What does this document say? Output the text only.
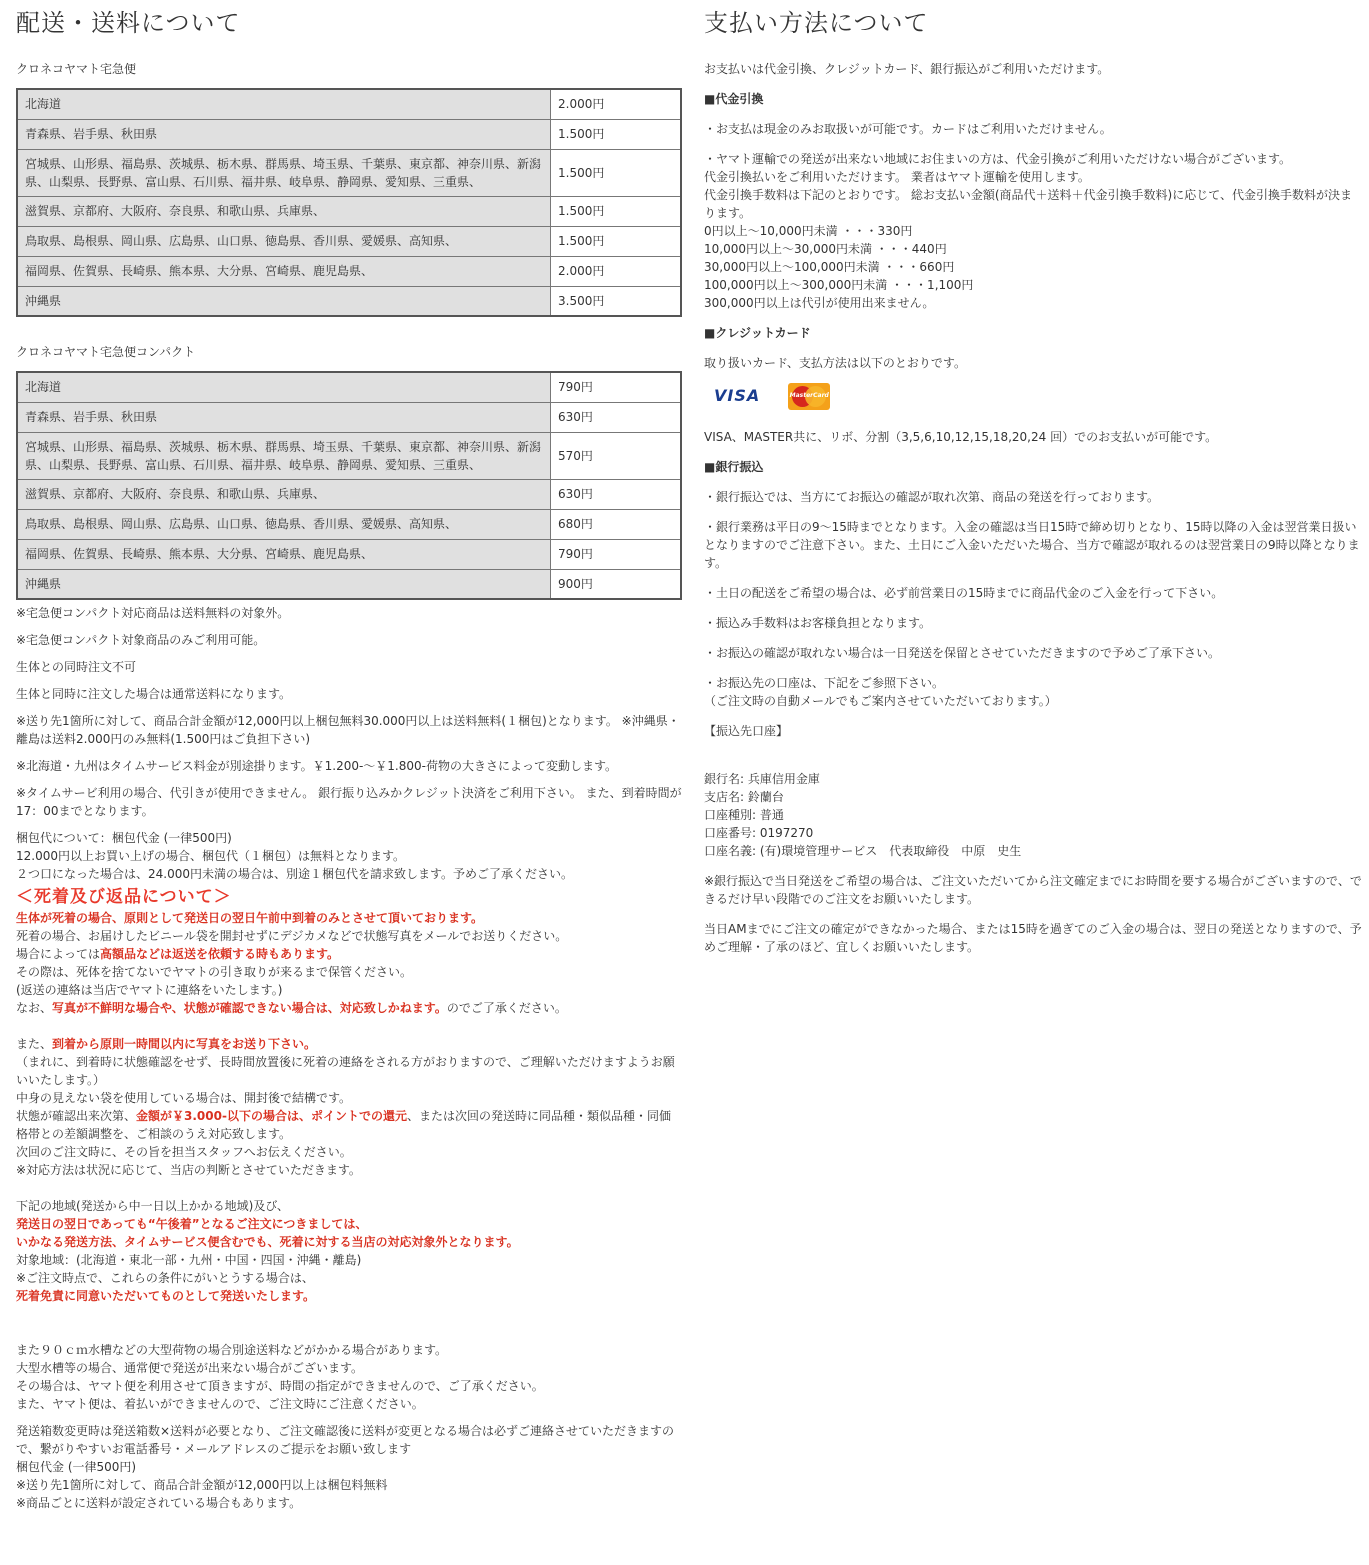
配送・送料について

クロネコヤマト宅急便

北海道	2.000円
青森県、岩手県、秋田県	1.500円
宮城県、山形県、福島県、茨城県、栃木県、群馬県、埼玉県、千葉県、東京都、神奈川県、新潟県、山梨県、長野県、富山県、石川県、福井県、岐阜県、静岡県、愛知県、三重県、	1.500円
滋賀県、京都府、大阪府、奈良県、和歌山県、兵庫県、	1.500円
鳥取県、島根県、岡山県、広島県、山口県、徳島県、香川県、愛媛県、高知県、	1.500円
福岡県、佐賀県、長崎県、熊本県、大分県、宮崎県、鹿児島県、	2.000円
沖縄県	3.500円

クロネコヤマト宅急便コンパクト

北海道	790円
青森県、岩手県、秋田県	630円
宮城県、山形県、福島県、茨城県、栃木県、群馬県、埼玉県、千葉県、東京都、神奈川県、新潟県、山梨県、長野県、富山県、石川県、福井県、岐阜県、静岡県、愛知県、三重県、	570円
滋賀県、京都府、大阪府、奈良県、和歌山県、兵庫県、	630円
鳥取県、島根県、岡山県、広島県、山口県、徳島県、香川県、愛媛県、高知県、	680円
福岡県、佐賀県、長崎県、熊本県、大分県、宮崎県、鹿児島県、	790円
沖縄県	900円

※宅急便コンパクト対応商品は送料無料の対象外。

※宅急便コンパクト対象商品のみご利用可能。

生体との同時注文不可

生体と同時に注文した場合は通常送料になります。

※送り先1箇所に対して、商品合計金額が12,000円以上梱包無料30.000円以上は送料無料(１梱包)となります。 ※沖縄県・離島は送料2.000円のみ無料(1.500円はご負担下さい)

※北海道・九州はタイムサービス料金が別途掛ります。￥1.200-～￥1.800-荷物の大きさによって変動します。

※タイムサービ利用の場合、代引きが使用できません。 銀行振り込みかクレジット決済をご利用下さい。 また、到着時間が17：00までとなります。

梱包代について：梱包代金 (一律500円)

12.000円以上お買い上げの場合、梱包代（１梱包）は無料となります。

２つ口になった場合は、24.000円未満の場合は、別途１梱包代を請求致します。予めご了承ください。

＜死着及び返品について＞

生体が死着の場合、原則として発送日の翌日午前中到着のみとさせて頂いております。

死着の場合、お届けしたビニール袋を開封せずにデジカメなどで状態写真をメールでお送りください。

場合によっては高額品などは返送を依頼する時もあります。

その際は、死体を捨てないでヤマトの引き取りが来るまで保管ください。

(返送の連絡は当店でヤマトに連絡をいたします。)

なお、写真が不鮮明な場合や、状態が確認できない場合は、対応致しかねます。のでご了承ください。

また、到着から原則一時間以内に写真をお送り下さい。

（まれに、到着時に状態確認をせず、長時間放置後に死着の連絡をされる方がおりますので、ご理解いただけますようお願いいたします。）

中身の見えない袋を使用している場合は、開封後で結構です。

状態が確認出来次第、金額が￥3.000-以下の場合は、ポイントでの還元、または次回の発送時に同品種・類似品種・同価格帯との差額調整を、ご相談のうえ対応致します。

次回のご注文時に、その旨を担当スタッフへお伝えください。

※対応方法は状況に応じて、当店の判断とさせていただきます。

下記の地域(発送から中一日以上かかる地域)及び、

発送日の翌日であっても“午後着”となるご注文につきましては、

いかなる発送方法、タイムサービス便含むでも、死着に対する当店の対応対象外となります。

対象地域：(北海道・東北一部・九州・中国・四国・沖縄・離島)

※ご注文時点で、これらの条件にがいとうする場合は、

死着免責に同意いただいてものとして発送いたします。

また９０ｃｍ水槽などの大型荷物の場合別途送料などがかかる場合があります。

大型水槽等の場合、通常便で発送が出来ない場合がございます。

その場合は、ヤマト便を利用させて頂きますが、時間の指定ができませんので、ご了承ください。

また、ヤマト便は、着払いができませんので、ご注文時にご注意ください。

発送箱数変更時は発送箱数×送料が必要となり、ご注文確認後に送料が変更となる場合は必ずご連絡させていただきますので、繋がりやすいお電話番号・メールアドレスのご提示をお願い致します

梱包代金 (一律500円)

※送り先1箇所に対して、商品合計金額が12,000円以上は梱包料無料

※商品ごとに送料が設定されている場合もあります。

支払い方法について

お支払いは代金引換、クレジットカード、銀行振込がご利用いただけます。

■代金引換

・お支払は現金のみお取扱いが可能です。カードはご利用いただけません。

・ヤマト運輸での発送が出来ない地域にお住まいの方は、代金引換がご利用いただけない場合がございます。

代金引換払いをご利用いただけます。 業者はヤマト運輸を使用します。

代金引換手数料は下記のとおりです。 総お支払い金額(商品代＋送料＋代金引換手数料)に応じて、代金引換手数料が決まります。

0円以上～10,000円未満 ・・・330円

10,000円以上～30,000円未満 ・・・440円

30,000円以上～100,000円未満 ・・・660円

100,000円以上～300,000円未満 ・・・1,100円

300,000円以上は代引が使用出来ません。

■クレジットカード

取り扱いカード、支払方法は以下のとおりです。

VISA	MasterCard

VISA、MASTER共に、リボ、分割（3,5,6,10,12,15,18,20,24 回）でのお支払いが可能です。

■銀行振込

・銀行振込では、当方にてお振込の確認が取れ次第、商品の発送を行っております。

・銀行業務は平日の9～15時までとなります。入金の確認は当日15時で締め切りとなり、15時以降の入金は翌営業日扱いとなりますのでご注意下さい。また、土日にご入金いただいた場合、当方で確認が取れるのは翌営業日の9時以降となります。

・土日の配送をご希望の場合は、必ず前営業日の15時までに商品代金のご入金を行って下さい。

・振込み手数料はお客様負担となります。

・お振込の確認が取れない場合は一日発送を保留とさせていただきますので予めご了承下さい。

・お振込先の口座は、下記をご参照下さい。

（ご注文時の自動メールでもご案内させていただいております。）

【振込先口座】

銀行名: 兵庫信用金庫

支店名: 鈴蘭台

口座種別: 普通

口座番号: 0197270

口座名義: (有)環境管理サービス　代表取締役　中原　史生

※銀行振込で当日発送をご希望の場合は、ご注文いただいてから注文確定までにお時間を要する場合がございますので、できるだけ早い段階でのご注文をお願いいたします。

当日AMまでにご注文の確定ができなかった場合、または15時を過ぎてのご入金の場合は、翌日の発送となりますので、予めご理解・了承のほど、宜しくお願いいたします。
